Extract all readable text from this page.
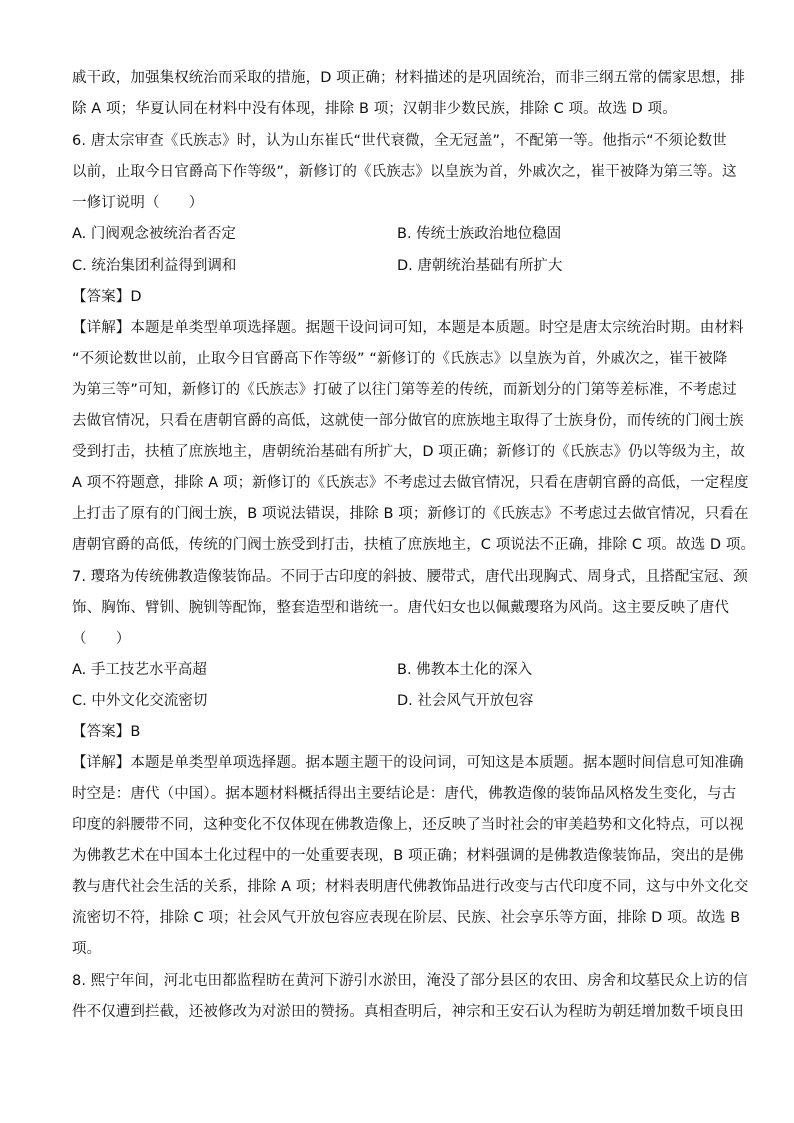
戚干政，加强集权统治而采取的措施，D 项正确；材料描述的是巩固统治，而非三纲五常的儒家思想，排
除 A 项；华夏认同在材料中没有体现，排除 B 项；汉朝非少数民族，排除 C 项。故选 D 项。
6. 唐太宗审查《氏族志》时，认为山东崔氏“世代衰微，全无冠盖”，不配第一等。他指示“不须论数世
以前，止取今日官爵高下作等级”，新修订的《氏族志》以皇族为首，外戚次之，崔干被降为第三等。这
一修订说明（　　）
A. 门阀观念被统治者否定	B. 传统士族政治地位稳固
C. 统治集团利益得到调和	D. 唐朝统治基础有所扩大
【答案】D
【详解】本题是单类型单项选择题。据题干设问词可知，本题是本质题。时空是唐太宗统治时期。由材料
“不须论数世以前，止取今日官爵高下作等级” “新修订的《氏族志》以皇族为首，外戚次之，崔干被降
为第三等”可知，新修订的《氏族志》打破了以往门第等差的传统，而新划分的门第等差标准，不考虑过
去做官情况，只看在唐朝官爵的高低，这就使一部分做官的庶族地主取得了士族身份，而传统的门阀士族
受到打击，扶植了庶族地主，唐朝统治基础有所扩大，D 项正确；新修订的《氏族志》仍以等级为主，故
A 项不符题意，排除 A 项；新修订的《氏族志》不考虑过去做官情况，只看在唐朝官爵的高低，一定程度
上打击了原有的门阀士族，B 项说法错误，排除 B 项；新修订的《氏族志》不考虑过去做官情况，只看在
唐朝官爵的高低，传统的门阀士族受到打击，扶植了庶族地主，C 项说法不正确，排除 C 项。故选 D 项。
7. 璎珞为传统佛教造像装饰品。不同于古印度的斜披、腰带式，唐代出现胸式、周身式，且搭配宝冠、颈
饰、胸饰、臂钏、腕钏等配饰，整套造型和谐统一。唐代妇女也以佩戴璎珞为风尚。这主要反映了唐代
（　　）
A. 手工技艺水平高超	B. 佛教本土化的深入
C. 中外文化交流密切	D. 社会风气开放包容
【答案】B
【详解】本题是单类型单项选择题。据本题主题干的设问词，可知这是本质题。据本题时间信息可知准确
时空是：唐代（中国）。据本题材料概括得出主要结论是：唐代，佛教造像的装饰品风格发生变化，与古
印度的斜腰带不同，这种变化不仅体现在佛教造像上，还反映了当时社会的审美趋势和文化特点，可以视
为佛教艺术在中国本土化过程中的一处重要表现，B 项正确；材料强调的是佛教造像装饰品，突出的是佛
教与唐代社会生活的关系，排除 A 项；材料表明唐代佛教饰品进行改变与古代印度不同，这与中外文化交
流密切不符，排除 C 项；社会风气开放包容应表现在阶层、民族、社会享乐等方面，排除 D 项。故选 B
项。
8. 熙宁年间，河北屯田都监程昉在黄河下游引水淤田，淹没了部分县区的农田、房舍和坟墓民众上访的信
件不仅遭到拦截，还被修改为对淤田的赞扬。真相查明后，神宗和王安石认为程昉为朝廷增加数千顷良田
